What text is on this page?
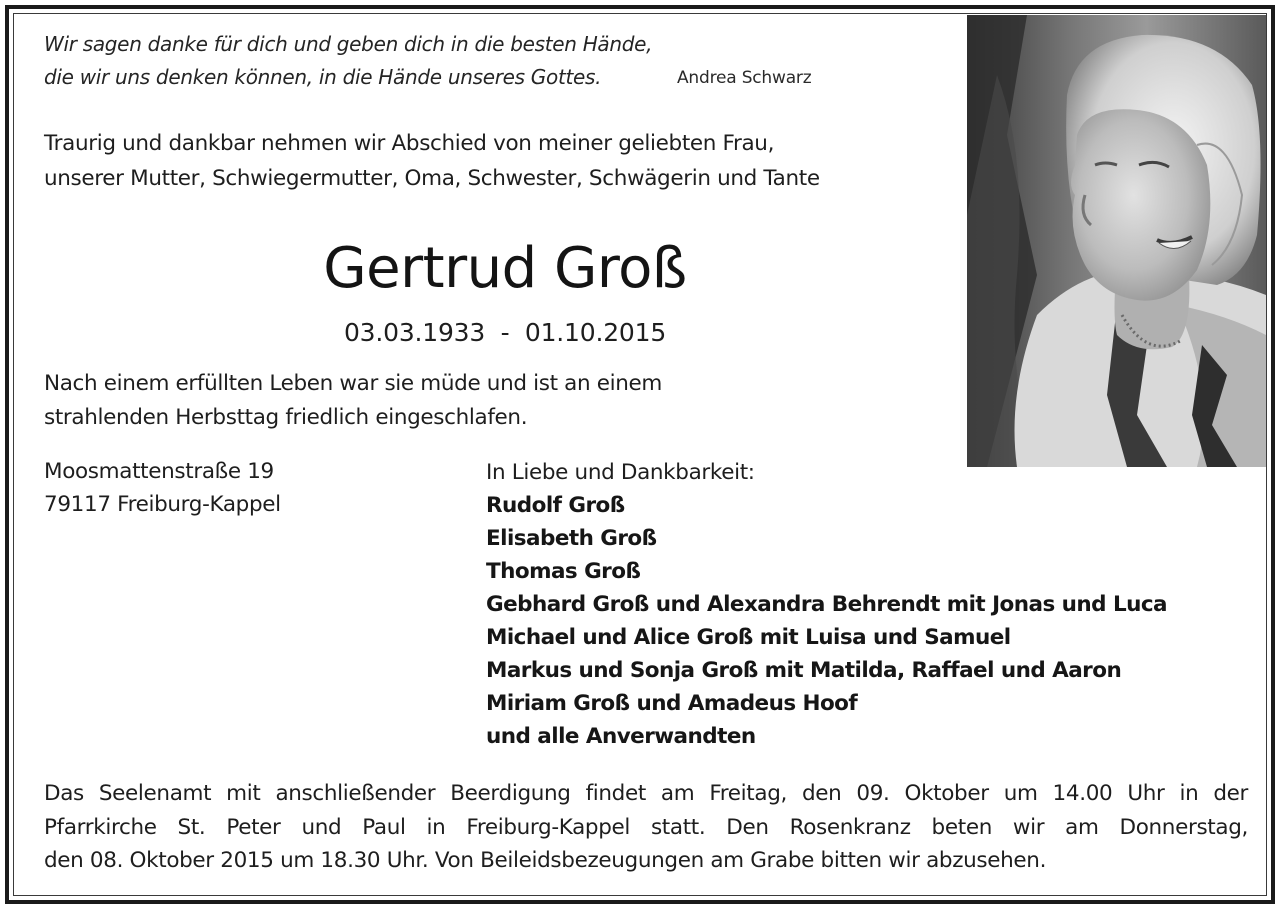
Wir sagen danke für dich und geben dich in die besten Hände,
die wir uns denken können, in die Hände unseres Gottes.	Andrea Schwarz
Traurig und dankbar nehmen wir Abschied von meiner geliebten Frau,
unserer Mutter, Schwiegermutter, Oma, Schwester, Schwägerin und Tante
Gertrud Groß
03.03.1933  -  01.10.2015
Nach einem erfüllten Leben war sie müde und ist an einem
strahlenden Herbsttag friedlich eingeschlafen.
Moosmattenstraße 19
79117 Freiburg-Kappel
In Liebe und Dankbarkeit:
Rudolf Groß
Elisabeth Groß
Thomas Groß
Gebhard Groß und Alexandra Behrendt mit Jonas und Luca
Michael und Alice Groß mit Luisa und Samuel
Markus und Sonja Groß mit Matilda, Raffael und Aaron
Miriam Groß und Amadeus Hoof
und alle Anverwandten
Das Seelenamt mit anschließender Beerdigung findet am Freitag, den 09. Oktober um 14.00 Uhr in der
Pfarrkirche St. Peter und Paul in Freiburg-Kappel statt. Den Rosenkranz beten wir am Donnerstag,
den 08. Oktober 2015 um 18.30 Uhr. Von Beileidsbezeugungen am Grabe bitten wir abzusehen.
